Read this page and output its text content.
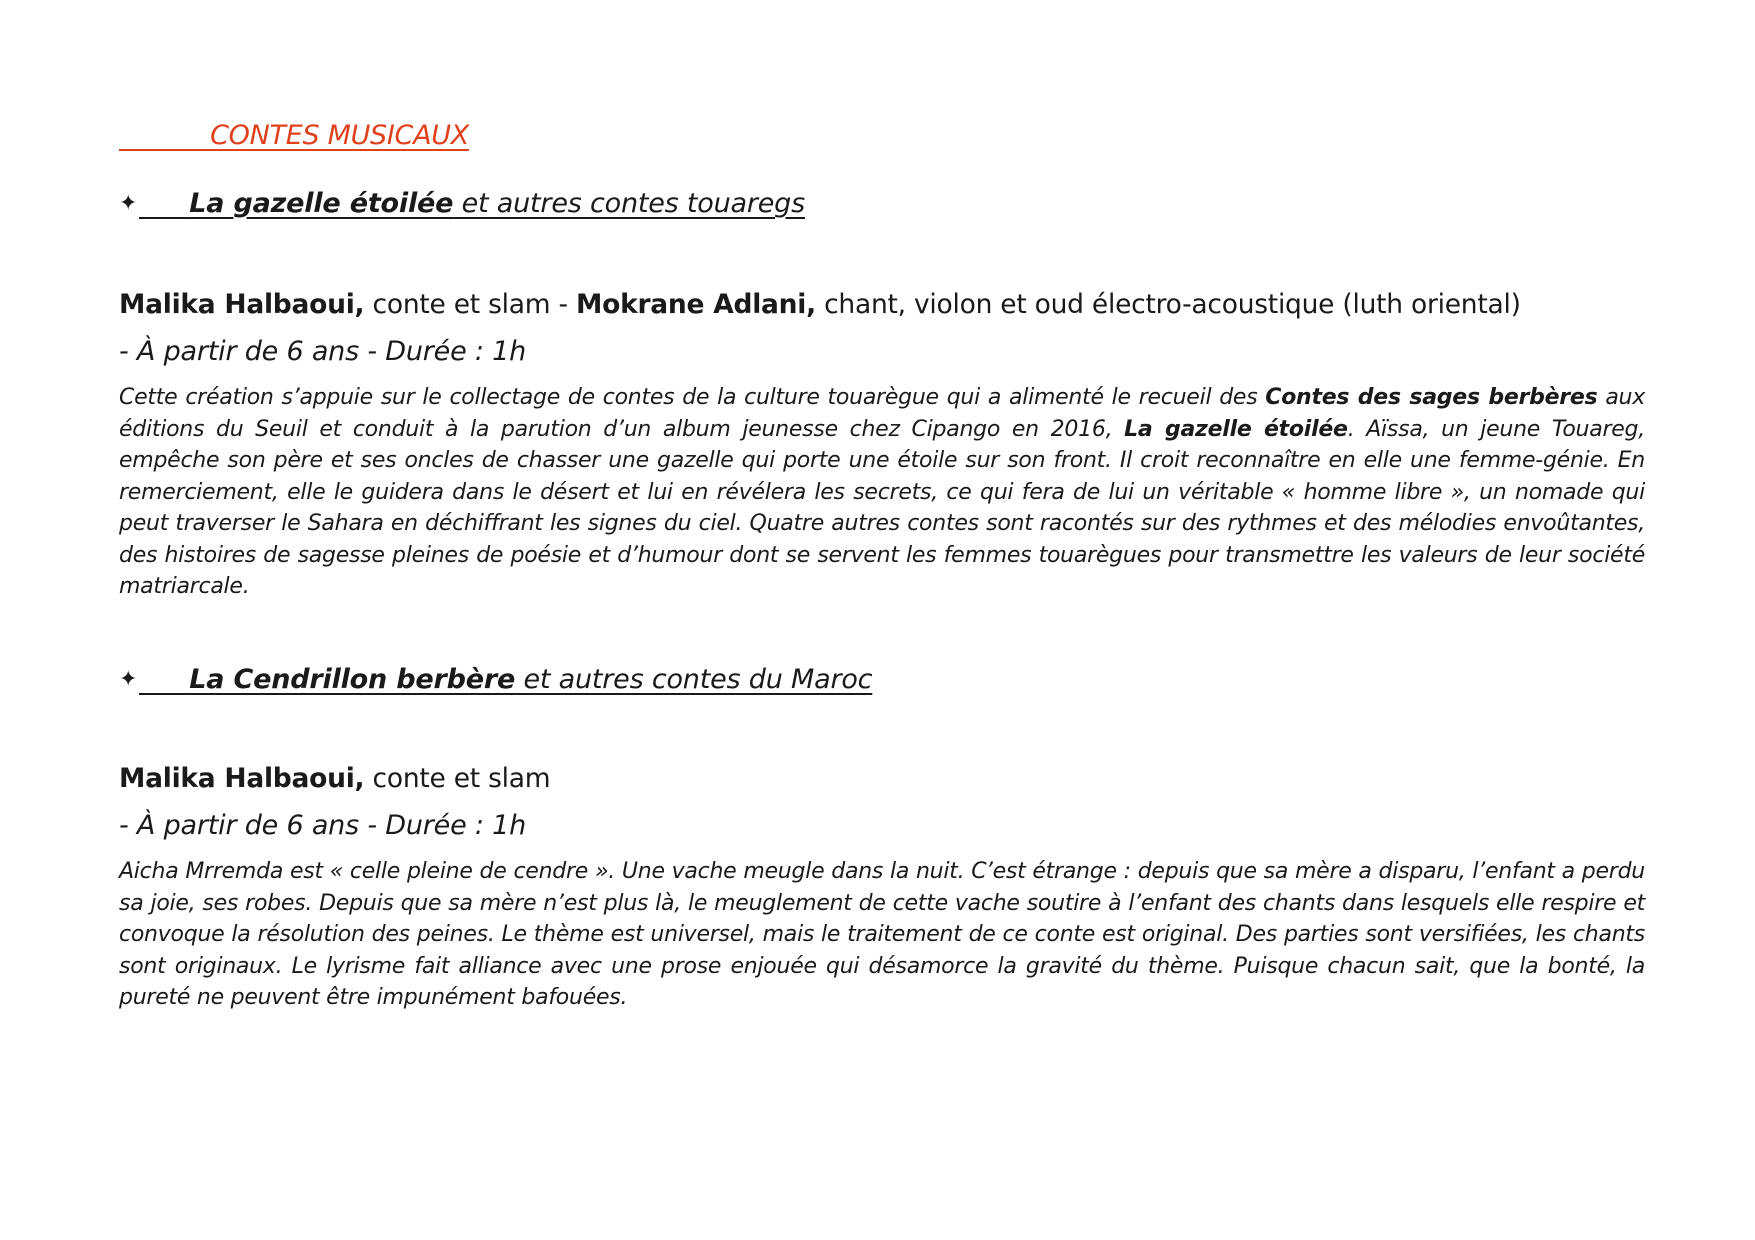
CONTES MUSICAUX
✦ La gazelle étoilée et autres contes touaregs

Malika Halbaoui, conte et slam - Mokrane Adlani, chant, violon et oud électro-acoustique (luth oriental)

- À partir de 6 ans - Durée : 1h

Cette création s’appuie sur le collectage de contes de la culture touarègue qui a alimenté le recueil des Contes des sages berbères aux éditions du Seuil et conduit à la parution d’un album jeunesse chez Cipango en 2016, La gazelle étoilée. Aïssa, un jeune Touareg, empêche son père et ses oncles de chasser une gazelle qui porte une étoile sur son front. Il croit reconnaître en elle une femme-génie. En remerciement, elle le guidera dans le désert et lui en révélera les secrets, ce qui fera de lui un véritable « homme libre », un nomade qui peut traverser le Sahara en déchiffrant les signes du ciel. Quatre autres contes sont racontés sur des rythmes et des mélodies envoûtantes, des histoires de sagesse pleines de poésie et d’humour dont se servent les femmes touarègues pour transmettre les valeurs de leur société matriarcale.

✦ La Cendrillon berbère et autres contes du Maroc

Malika Halbaoui, conte et slam

- À partir de 6 ans - Durée : 1h

Aicha Mrremda est « celle pleine de cendre ». Une vache meugle dans la nuit. C’est étrange : depuis que sa mère a disparu, l’enfant a perdu sa joie, ses robes. Depuis que sa mère n’est plus là, le meuglement de cette vache soutire à l’enfant des chants dans lesquels elle respire et convoque la résolution des peines. Le thème est universel, mais le traitement de ce conte est original. Des parties sont versifiées, les chants sont originaux. Le lyrisme fait alliance avec une prose enjouée qui désamorce la gravité du thème. Puisque chacun sait, que la bonté, la pureté ne peuvent être impunément bafouées.
